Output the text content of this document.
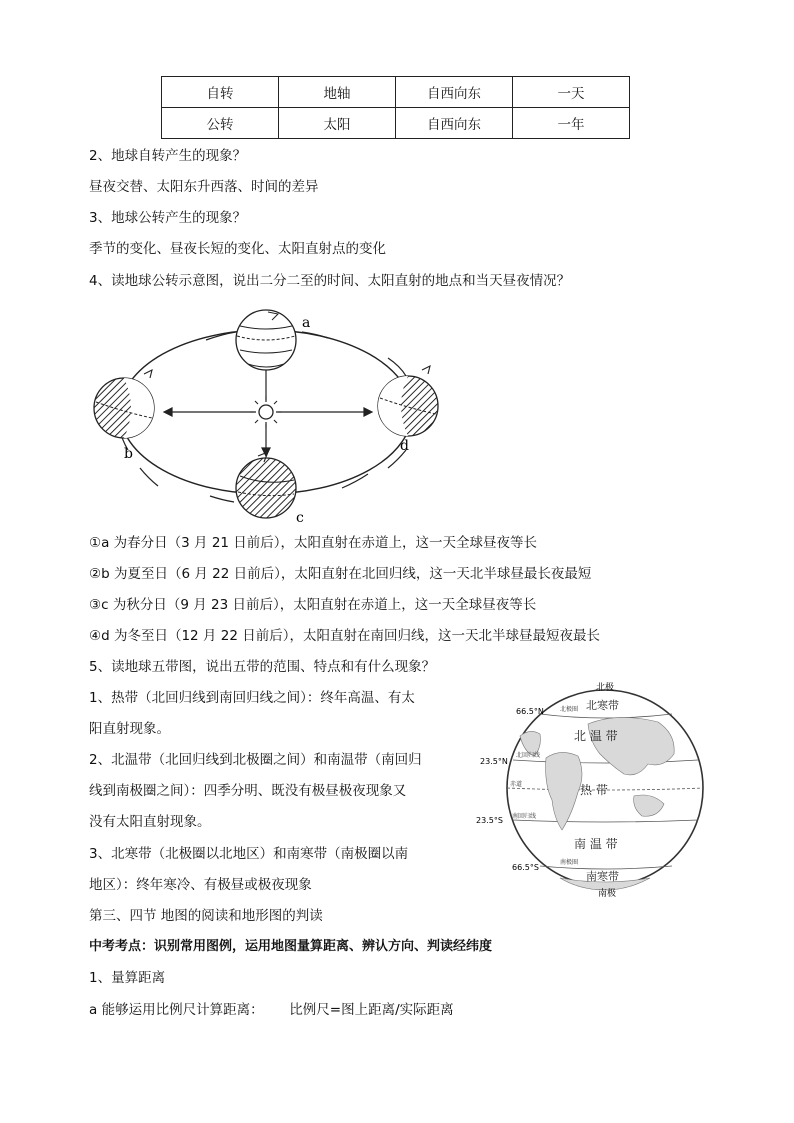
自转	地轴	自西向东	一天
公转	太阳	自西向东	一年
2、地球自转产生的现象？
昼夜交替、太阳东升西落、时间的差异
3、地球公转产生的现象？
季节的变化、昼夜长短的变化、太阳直射点的变化
4、读地球公转示意图，说出二分二至的时间、太阳直射的地点和当天昼夜情况？
a
b	d
c
①a 为春分日（3 月 21 日前后），太阳直射在赤道上，这一天全球昼夜等长
②b 为夏至日（6 月 22 日前后），太阳直射在北回归线，这一天北半球昼最长夜最短
③c 为秋分日（9 月 23 日前后），太阳直射在赤道上，这一天全球昼夜等长
④d 为冬至日（12 月 22 日前后），太阳直射在南回归线，这一天北半球昼最短夜最长
5、读地球五带图，说出五带的范围、特点和有什么现象？
1、热带（北回归线到南回归线之间）：终年高温、有太
阳直射现象。
2、北温带（北回归线到北极圈之间）和南温带（南回归
线到南极圈之间）：四季分明、既没有极昼极夜现象又
没有太阳直射现象。
3、北寒带（北极圈以北地区）和南寒带（南极圈以南
地区）：终年寒冷、有极昼或极夜现象
北极
南极
66.5°N
23.5°N
23.5°S
66.5°S
北极圈
北回归线
赤道
南回归线
南极圈
北寒带
北 温 带
热 带
南 温 带
南寒带
第三、四节 地图的阅读和地形图的判读
中考考点：识别常用图例，运用地图量算距离、辨认方向、判读经纬度
1、量算距离
a 能够运用比例尺计算距离：      比例尺=图上距离/实际距离
